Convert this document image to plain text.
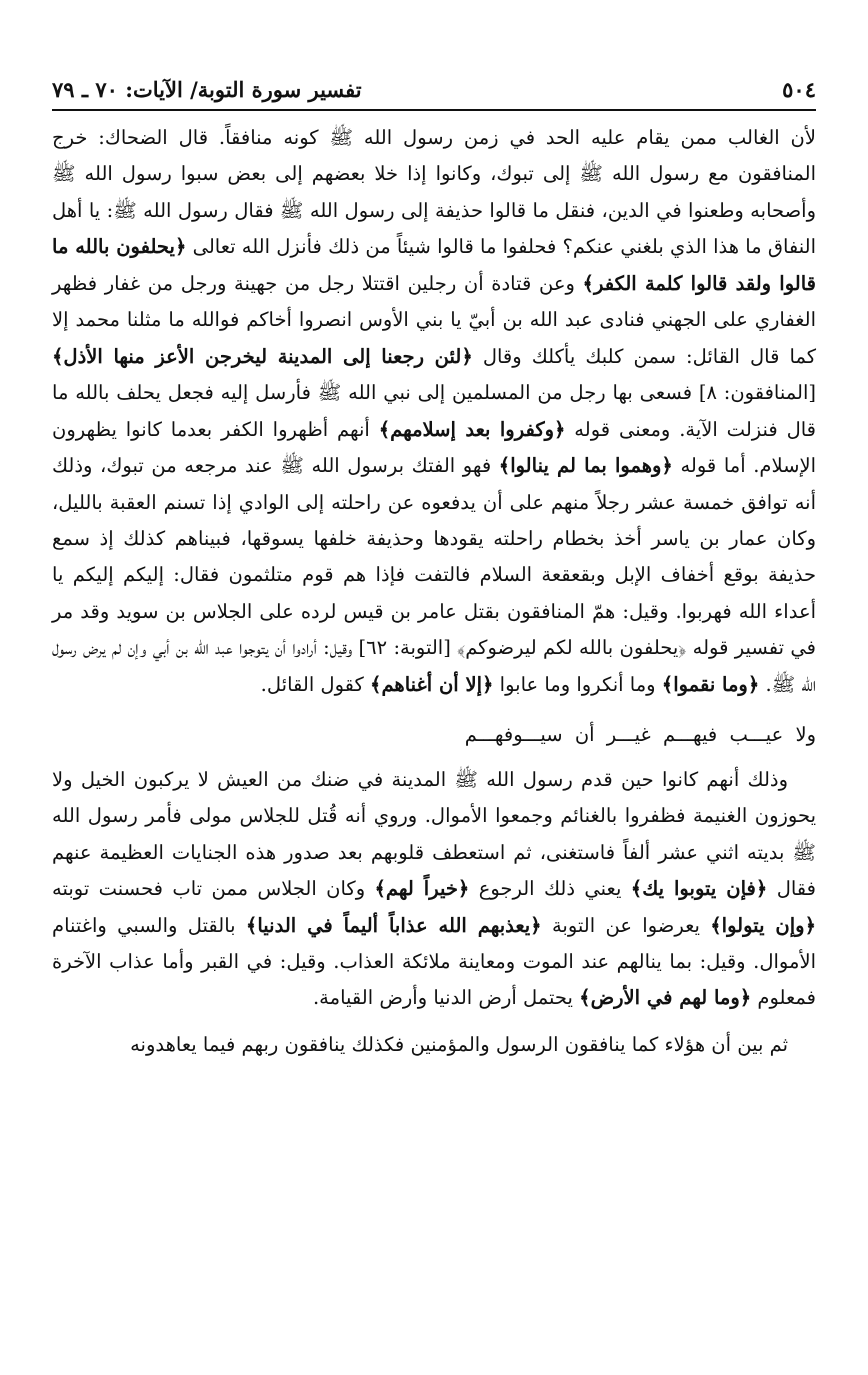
٥٠٤
تفسير سورة التوبة/ الآيات: ٧٠ ـ ٧٩

لأن الغالب ممن يقام عليه الحد في زمن رسول الله ﷺ كونه منافقاً. قال الضحاك: خرج المنافقون مع رسول الله ﷺ إلى تبوك، وكانوا إذا خلا بعضهم إلى بعض سبوا رسول الله ﷺ وأصحابه وطعنوا في الدين، فنقل ما قالوا حذيفة إلى رسول الله ﷺ فقال رسول الله ﷺ: يا أهل النفاق ما هذا الذي بلغني عنكم؟ فحلفوا ما قالوا شيئاً من ذلك فأنزل الله تعالى ﴿يحلفون بالله ما قالوا ولقد قالوا كلمة الكفر﴾ وعن قتادة أن رجلين اقتتلا رجل من جهينة ورجل من غفار فظهر الغفاري على الجهني فنادى عبد الله بن أبيّ يا بني الأوس انصروا أخاكم فوالله ما مثلنا محمد إلا كما قال القائل: سمن كلبك يأكلك وقال ﴿لئن رجعنا إلى المدينة ليخرجن الأعز منها الأذل﴾ [المنافقون: ٨] فسعى بها رجل من المسلمين إلى نبي الله ﷺ فأرسل إليه فجعل يحلف بالله ما قال فنزلت الآية. ومعنى قوله ﴿وكفروا بعد إسلامهم﴾ أنهم أظهروا الكفر بعدما كانوا يظهرون الإسلام. أما قوله ﴿وهموا بما لم ينالوا﴾ فهو الفتك برسول الله ﷺ عند مرجعه من تبوك، وذلك أنه توافق خمسة عشر رجلاً منهم على أن يدفعوه عن راحلته إلى الوادي إذا تسنم العقبة بالليل، وكان عمار بن ياسر أخذ بخطام راحلته يقودها وحذيفة خلفها يسوقها، فبيناهم كذلك إذ سمع حذيفة بوقع أخفاف الإبل وبقعقعة السلام فالتفت فإذا هم قوم متلثمون فقال: إليكم إليكم يا أعداء الله فهربوا. وقيل: همّ المنافقون بقتل عامر بن قيس لرده على الجلاس بن سويد وقد مر في تفسير قوله ﴿يحلفون بالله لكم ليرضوكم﴾ [التوبة: ٦٢] وقيل: أرادوا أن يتوجوا عبد الله بن أبي وإن لم يرض رسول الله ﷺ. ﴿وما نقموا﴾ وما أنكروا وما عابوا ﴿إلا أن أغناهم﴾ كقول القائل.

ولا عيـــب فيهـــم غيـــر أن سيـــوفهـــم

وذلك أنهم كانوا حين قدم رسول الله ﷺ المدينة في ضنك من العيش لا يركبون الخيل ولا يحوزون الغنيمة فظفروا بالغنائم وجمعوا الأموال. وروي أنه قُتل للجلاس مولى فأمر رسول الله ﷺ بديته اثني عشر ألفاً فاستغنى، ثم استعطف قلوبهم بعد صدور هذه الجنايات العظيمة عنهم فقال ﴿فإن يتوبوا يك﴾ يعني ذلك الرجوع ﴿خيراً لهم﴾ وكان الجلاس ممن تاب فحسنت توبته ﴿وإن يتولوا﴾ يعرضوا عن التوبة ﴿يعذبهم الله عذاباً أليماً في الدنيا﴾ بالقتل والسبي واغتنام الأموال. وقيل: بما ينالهم عند الموت ومعاينة ملائكة العذاب. وقيل: في القبر وأما عذاب الآخرة فمعلوم ﴿وما لهم في الأرض﴾ يحتمل أرض الدنيا وأرض القيامة.

ثم بين أن هؤلاء كما ينافقون الرسول والمؤمنين فكذلك ينافقون ربهم فيما يعاهدونه
